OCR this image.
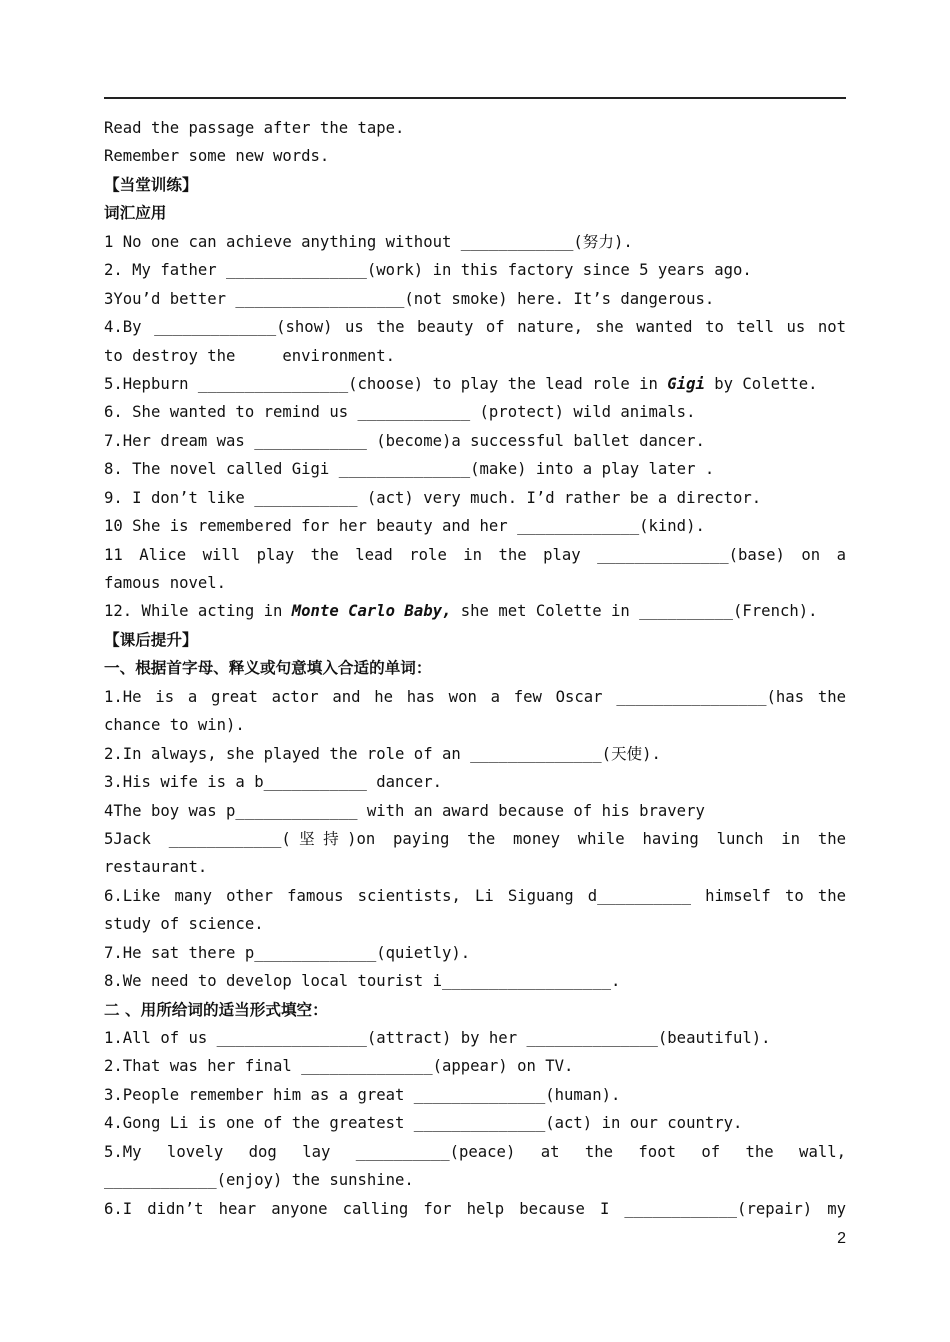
Read the passage after the tape.
Remember some new words.
【当堂训练】
词汇应用
1 No one can achieve anything without ____________(努力).
2. My father _______________(work) in this factory since 5 years ago.
3You’d better __________________(not smoke) here. It’s dangerous.
4.By _____________(show) us the beauty of nature, she wanted to tell us not
to destroy the     environment.
5.Hepburn ________________(choose) to play the lead role in Gigi by Colette.
6. She wanted to remind us ____________ (protect) wild animals.
7.Her dream was ____________ (become)a successful ballet dancer.
8. The novel called Gigi ______________(make) into a play later .
9. I don’t like ___________ (act) very much. I’d rather be a director.
10 She is remembered for her beauty and her _____________(kind).
11 Alice will play the lead role in the play ______________(base) on a
famous novel.
12. While acting in Monte Carlo Baby, she met Colette in __________(French).
【课后提升】
一、根据首字母、释义或句意填入合适的单词：
1.He is a great actor and he has won a few Oscar ________________(has the
chance to win).
2.In always, she played the role of an ______________(天使).
3.His wife is a b___________ dancer.
4The boy was p_____________ with an award because of his bravery
5Jack ____________(坚持)on paying the money while having lunch in the
restaurant.
6.Like many other famous scientists, Li Siguang d__________ himself to the
study of science.
7.He sat there p_____________(quietly).
8.We need to develop local tourist i__________________.
二 、用所给词的适当形式填空：
1.All of us ________________(attract) by her ______________(beautiful).
2.That was her final ______________(appear) on TV.
3.People remember him as a great ______________(human).
4.Gong Li is one of the greatest ______________(act) in our country.
5.My lovely dog lay __________(peace) at the foot of the wall,
____________(enjoy) the sunshine.
6.I didn’t hear anyone calling for help because I ____________(repair) my
2
